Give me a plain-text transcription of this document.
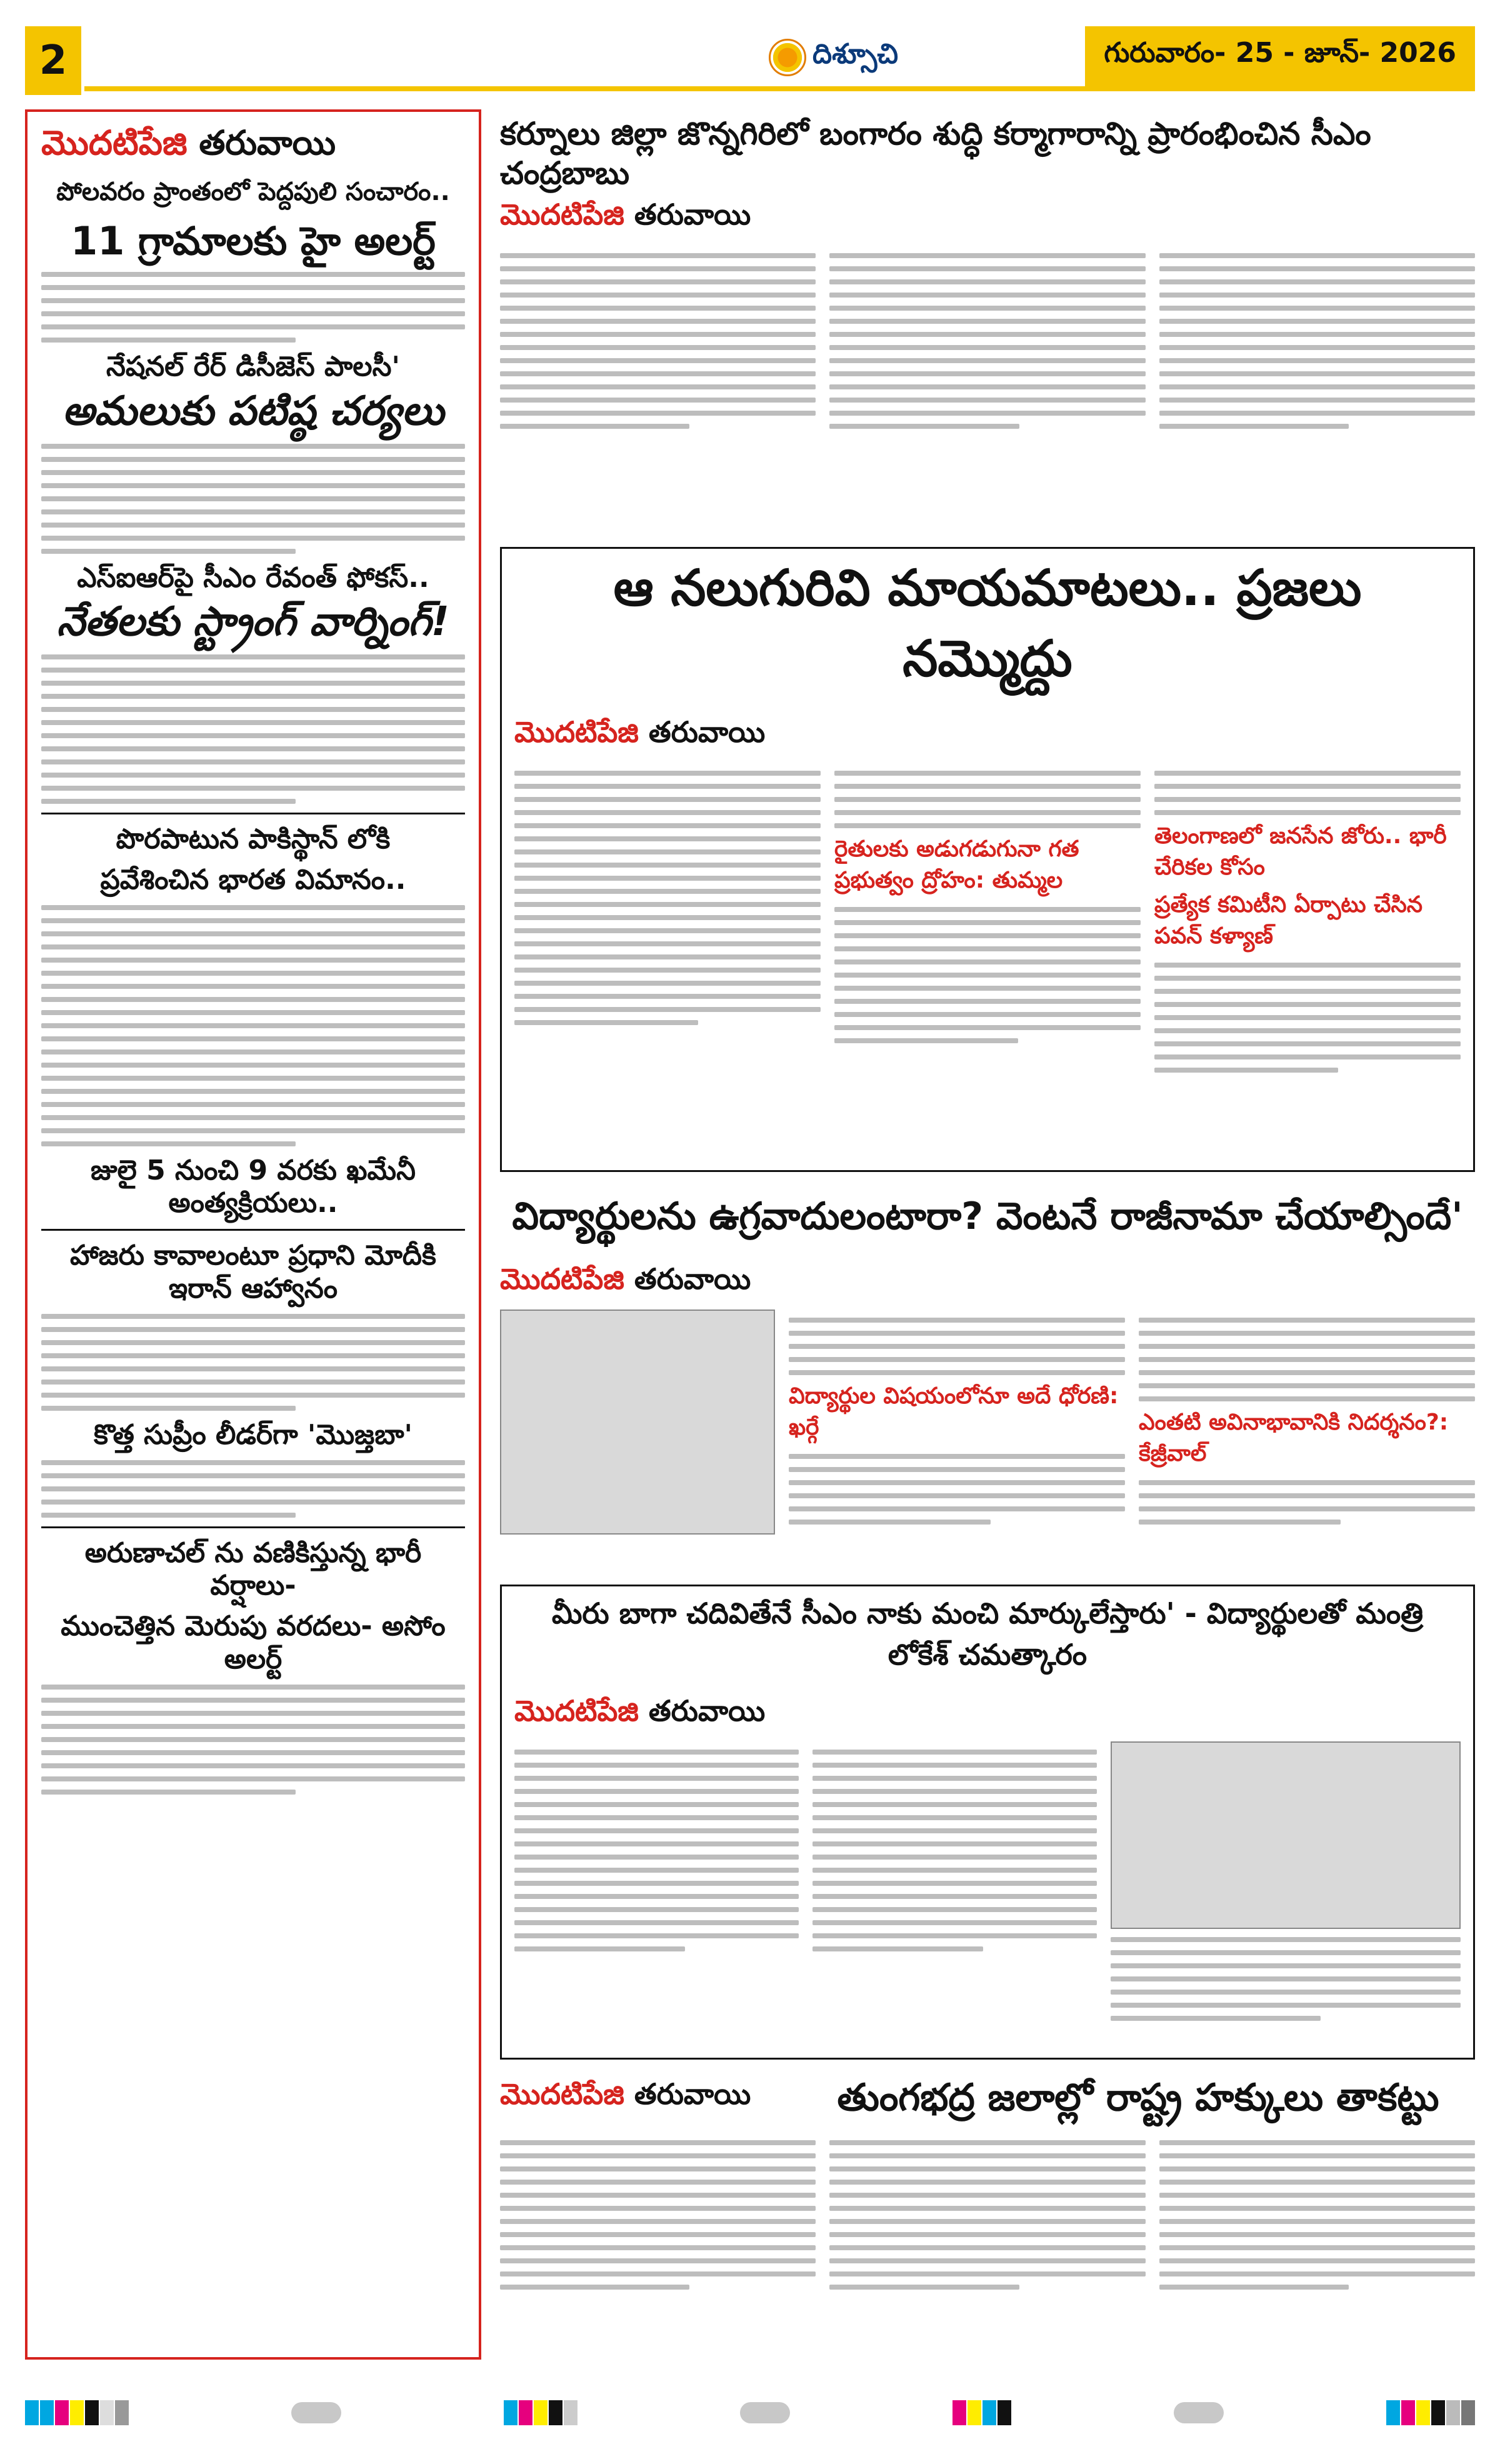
2	దిశ్సూచి	గురువారం- 25 - జూన్- 2026
మొదటిపేజి తరువాయి
పోలవరం ప్రాంతంలో పెద్దపులి సంచారం..
11 గ్రామాలకు హై అలర్ట్
నేషనల్ రేర్ డిసీజెస్ పాలసీ'
అమలుకు పటిష్ఠ చర్యలు
ఎస్ఐఆర్‌పై సీఎం రేవంత్ ఫోకస్..
నేతలకు స్ట్రాంగ్ వార్నింగ్!
పొరపాటున పాకిస్థాన్ లోకి
ప్రవేశించిన భారత విమానం..
జులై 5 నుంచి 9 వరకు ఖమేనీ అంత్యక్రియలు..
హాజరు కావాలంటూ ప్రధాని మోదీకి ఇరాన్ ఆహ్వానం
కొత్త సుప్రీం లీడర్‌గా 'మొజ్తబా'
అరుణాచల్ ను వణికిస్తున్న భారీ వర్షాలు-
ముంచెత్తిన మెరుపు వరదలు- అసోం అలర్ట్
కర్నూలు జిల్లా జొన్నగిరిలో బంగారం శుద్ధి కర్మాగారాన్ని ప్రారంభించిన సీఎం చంద్రబాబు
మొదటిపేజి తరువాయి
ఆ నలుగురివి మాయమాటలు.. ప్రజలు నమ్మొద్దు
మొదటిపేజి తరువాయి
రైతులకు అడుగడుగునా గత ప్రభుత్వం ద్రోహం: తుమ్మల
తెలంగాణలో జనసేన జోరు.. భారీ చేరికల కోసం
ప్రత్యేక కమిటీని ఏర్పాటు చేసిన పవన్ కళ్యాణ్
విద్యార్థులను ఉగ్రవాదులంటారా? వెంటనే రాజీనామా చేయాల్సిందే'
మొదటిపేజి తరువాయి
విద్యార్థుల విషయంలోనూ అదే ధోరణి: ఖర్గే	ఎంతటి అవినాభావానికి నిదర్శనం?: కేజ్రీవాల్
మీరు బాగా చదివితేనే సీఎం నాకు మంచి మార్కులేస్తారు' - విద్యార్థులతో మంత్రి లోకేశ్ చమత్కారం
మొదటిపేజి తరువాయి
మొదటిపేజి తరువాయి	తుంగభద్ర జలాల్లో రాష్ట్ర హక్కులు తాకట్టు
